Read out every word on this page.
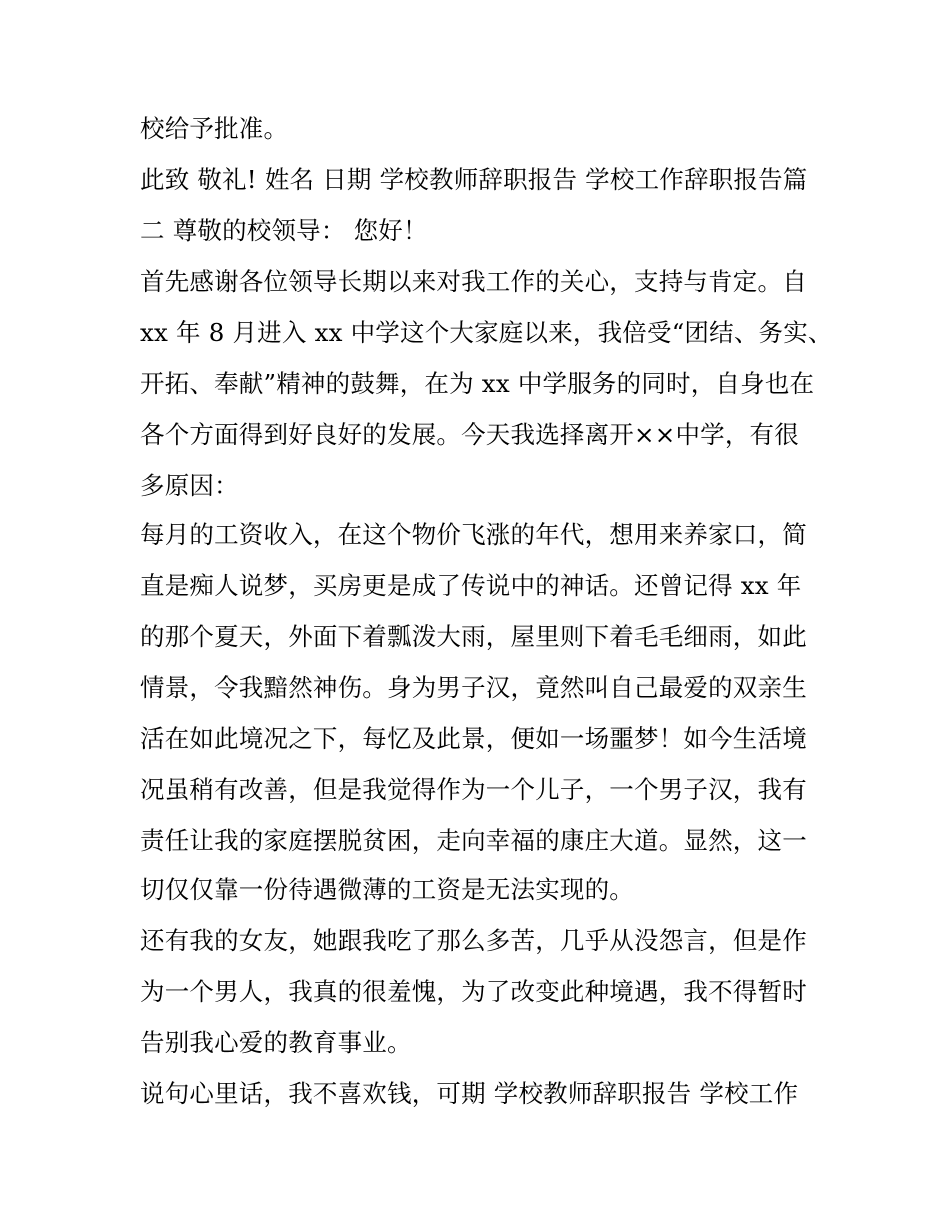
校给予批准。
此致 敬礼! 姓名 日期 学校教师辞职报告 学校工作辞职报告篇
二 尊敬的校领导： 您好！
首先感谢各位领导长期以来对我工作的关心，支持与肯定。自
xx 年 8 月进入 xx 中学这个大家庭以来，我倍受“团结、务实、
开拓、奉献”精神的鼓舞，在为 xx 中学服务的同时，自身也在
各个方面得到好良好的发展。今天我选择离开××中学，有很
多原因：
每月的工资收入，在这个物价飞涨的年代，想用来养家口，简
直是痴人说梦，买房更是成了传说中的神话。还曾记得 xx 年
的那个夏天，外面下着瓢泼大雨，屋里则下着毛毛细雨，如此
情景，令我黯然神伤。身为男子汉，竟然叫自己最爱的双亲生
活在如此境况之下，每忆及此景，便如一场噩梦！如今生活境
况虽稍有改善，但是我觉得作为一个儿子，一个男子汉，我有
责任让我的家庭摆脱贫困，走向幸福的康庄大道。显然，这一
切仅仅靠一份待遇微薄的工资是无法实现的。
还有我的女友，她跟我吃了那么多苦，几乎从没怨言，但是作
为一个男人，我真的很羞愧，为了改变此种境遇，我不得暂时
告别我心爱的教育事业。
说句心里话，我不喜欢钱，可期 学校教师辞职报告 学校工作
